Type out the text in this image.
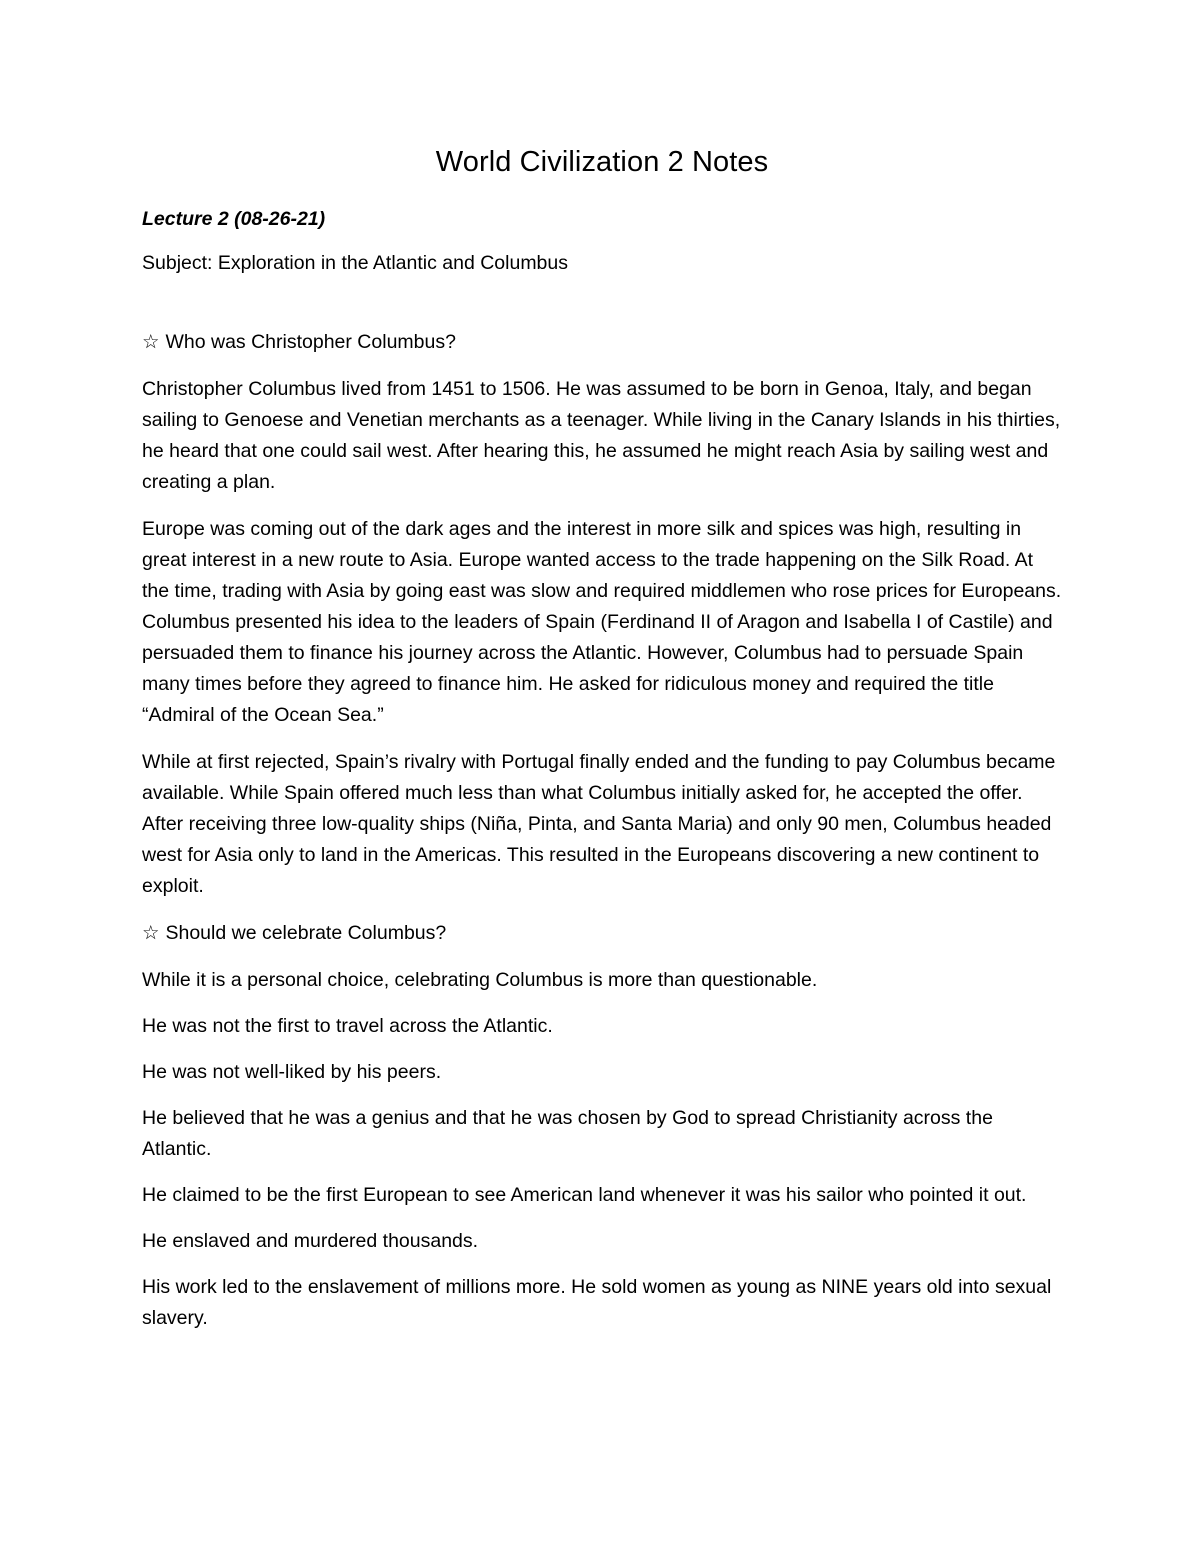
World Civilization 2 Notes
Lecture 2 (08-26-21)
Subject: Exploration in the Atlantic and Columbus
☆ Who was Christopher Columbus?

Christopher Columbus lived from 1451 to 1506. He was assumed to be born in Genoa, Italy, and began sailing to Genoese and Venetian merchants as a teenager. While living in the Canary Islands in his thirties, he heard that one could sail west. After hearing this, he assumed he might reach Asia by sailing west and creating a plan.

Europe was coming out of the dark ages and the interest in more silk and spices was high, resulting in great interest in a new route to Asia. Europe wanted access to the trade happening on the Silk Road. At the time, trading with Asia by going east was slow and required middlemen who rose prices for Europeans. Columbus presented his idea to the leaders of Spain (Ferdinand II of Aragon and Isabella I of Castile) and persuaded them to finance his journey across the Atlantic. However, Columbus had to persuade Spain many times before they agreed to finance him. He asked for ridiculous money and required the title “Admiral of the Ocean Sea.”

While at first rejected, Spain’s rivalry with Portugal finally ended and the funding to pay Columbus became available. While Spain offered much less than what Columbus initially asked for, he accepted the offer. After receiving three low-quality ships (Niña, Pinta, and Santa Maria) and only 90 men, Columbus headed west for Asia only to land in the Americas. This resulted in the Europeans discovering a new continent to exploit.

☆ Should we celebrate Columbus?

While it is a personal choice, celebrating Columbus is more than questionable.

He was not the first to travel across the Atlantic.

He was not well-liked by his peers.

He believed that he was a genius and that he was chosen by God to spread Christianity across the Atlantic.

He claimed to be the first European to see American land whenever it was his sailor who pointed it out.

He enslaved and murdered thousands.

His work led to the enslavement of millions more. He sold women as young as NINE years old into sexual slavery.
